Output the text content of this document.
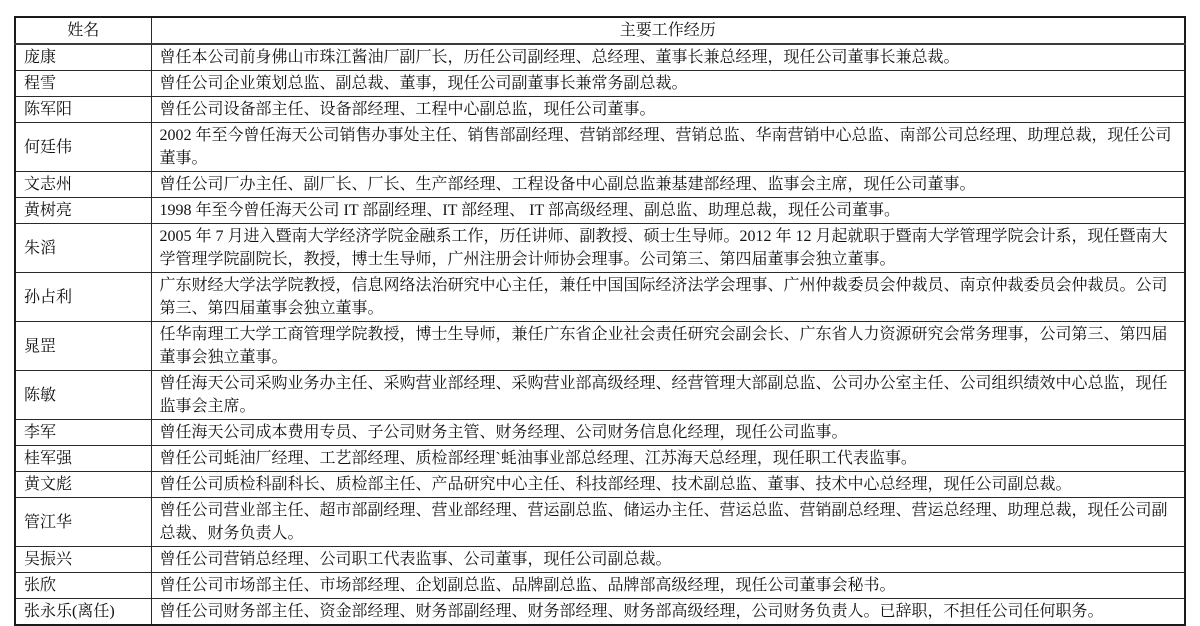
姓名	主要工作经历
庞康	曾任本公司前身佛山市珠江酱油厂副厂长，历任公司副经理、总经理、董事长兼总经理，现任公司董事长兼总裁。
程雪	曾任公司企业策划总监、副总裁、董事，现任公司副董事长兼常务副总裁。
陈军阳	曾任公司设备部主任、设备部经理、工程中心副总监，现任公司董事。
何廷伟	2002 年至今曾任海天公司销售办事处主任、销售部副经理、营销部经理、营销总监、华南营销中心总监、南部公司总经理、助理总裁，现任公司董事。
文志州	曾任公司厂办主任、副厂长、厂长、生产部经理、工程设备中心副总监兼基建部经理、监事会主席，现任公司董事。
黄树亮	1998 年至今曾任海天公司 IT 部副经理、IT 部经理、 IT 部高级经理、副总监、助理总裁，现任公司董事。
朱滔	2005 年 7 月进入暨南大学经济学院金融系工作，历任讲师、副教授、硕士生导师。2012 年 12 月起就职于暨南大学管理学院会计系，现任暨南大学管理学院副院长，教授，博士生导师，广州注册会计师协会理事。公司第三、第四届董事会独立董事。
孙占利	广东财经大学法学院教授，信息网络法治研究中心主任，兼任中国国际经济法学会理事、广州仲裁委员会仲裁员、南京仲裁委员会仲裁员。公司第三、第四届董事会独立董事。
晁罡	任华南理工大学工商管理学院教授，博士生导师，兼任广东省企业社会责任研究会副会长、广东省人力资源研究会常务理事，公司第三、第四届董事会独立董事。
陈敏	曾任海天公司采购业务办主任、采购营业部经理、采购营业部高级经理、经营管理大部副总监、公司办公室主任、公司组织绩效中心总监，现任监事会主席。
李军	曾任海天公司成本费用专员、子公司财务主管、财务经理、公司财务信息化经理，现任公司监事。
桂军强	曾任公司蚝油厂经理、工艺部经理、质检部经理`蚝油事业部总经理、江苏海天总经理，现任职工代表监事。
黄文彪	曾任公司质检科副科长、质检部主任、产品研究中心主任、科技部经理、技术副总监、董事、技术中心总经理，现任公司副总裁。
管江华	曾任公司营业部主任、超市部副经理、营业部经理、营运副总监、储运办主任、营运总监、营销副总经理、营运总经理、助理总裁，现任公司副总裁、财务负责人。
吴振兴	曾任公司营销总经理、公司职工代表监事、公司董事，现任公司副总裁。
张欣	曾任公司市场部主任、市场部经理、企划副总监、品牌副总监、品牌部高级经理，现任公司董事会秘书。
张永乐(离任)	曾任公司财务部主任、资金部经理、财务部副经理、财务部经理、财务部高级经理，公司财务负责人。已辞职，不担任公司任何职务。
